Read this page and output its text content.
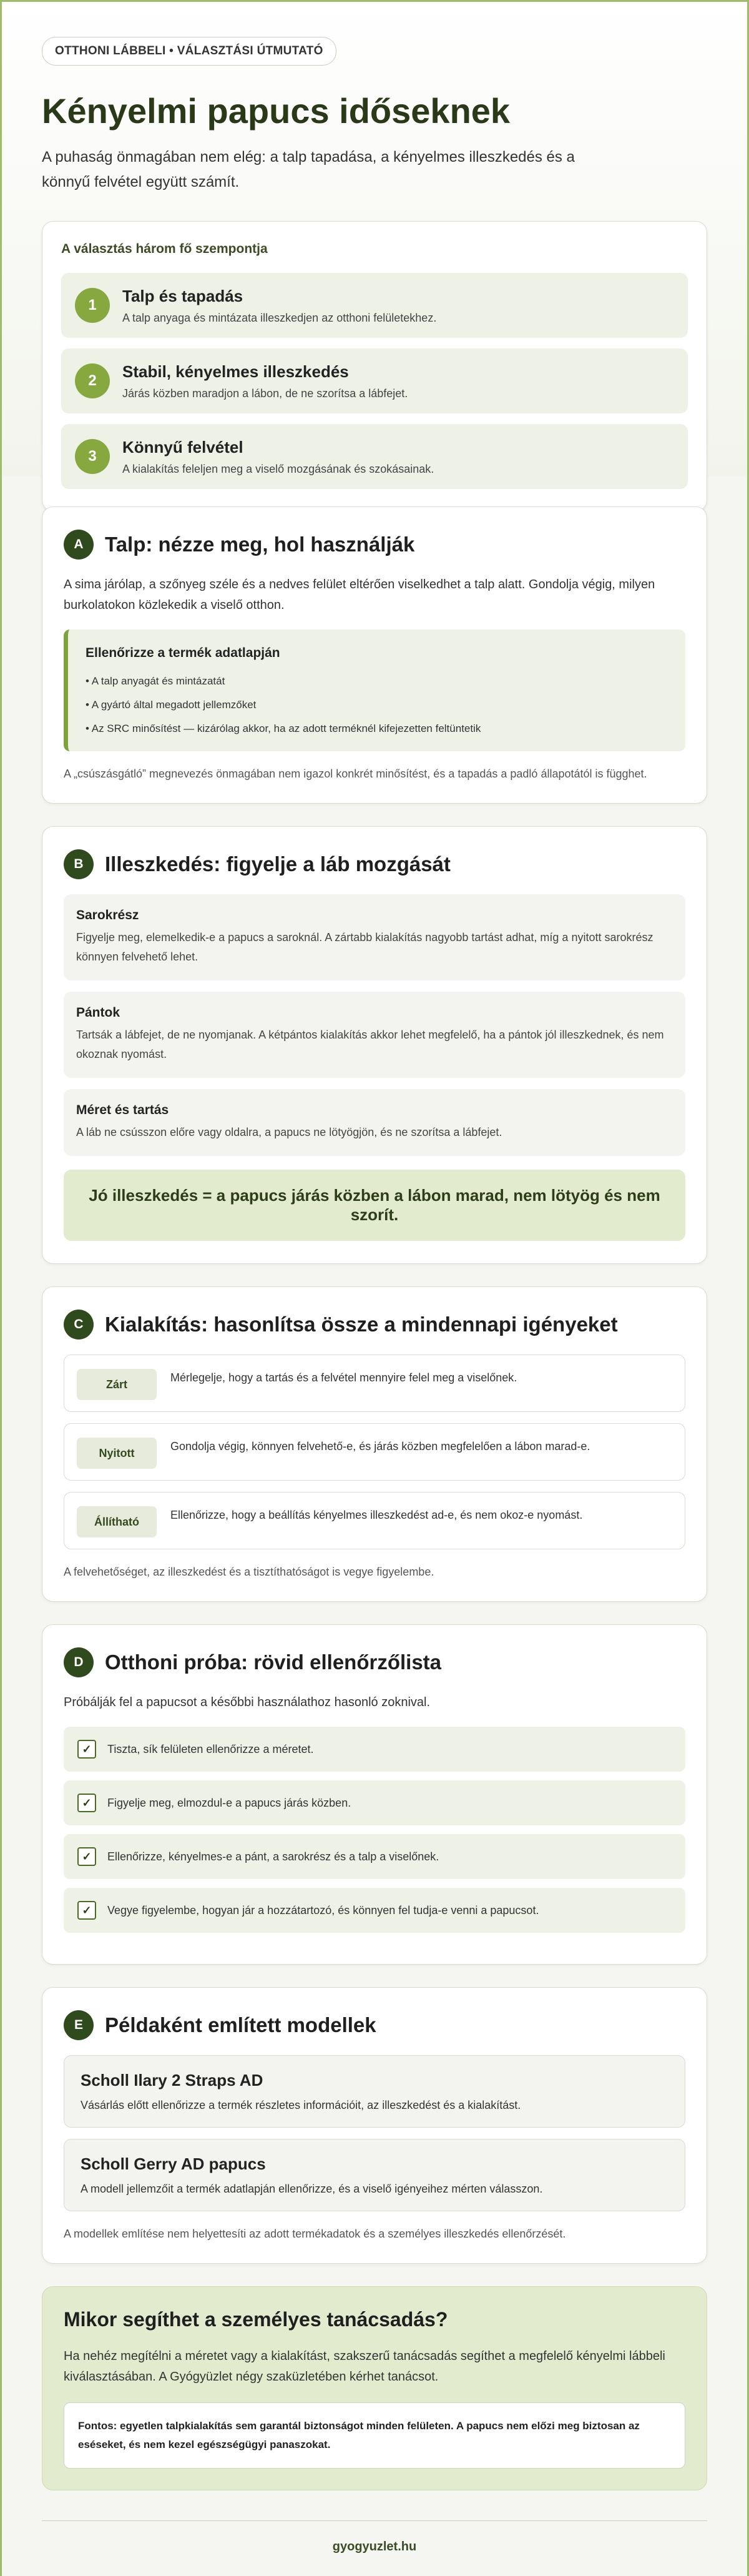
OTTHONI LÁBBELI • VÁLASZTÁSI ÚTMUTATÓ
Kényelmi papucs időseknek

A puhaság önmagában nem elég: a talp tapadása, a kényelmes illeszkedés és a könnyű felvétel együtt számít.

A választás három fő szempontja
1	Talp és tapadás
A talp anyaga és mintázata illeszkedjen az otthoni felületekhez.
2	Stabil, kényelmes illeszkedés
Járás közben maradjon a lábon, de ne szorítsa a lábfejet.
3	Könnyű felvétel
A kialakítás feleljen meg a viselő mozgásának és szokásainak.
A	Talp: nézze meg, hol használják

A sima járólap, a szőnyeg széle és a nedves felület eltérően viselkedhet a talp alatt. Gondolja végig, milyen burkolatokon közlekedik a viselő otthon.

Ellenőrizze a termék adatlapján
• A talp anyagát és mintázatát
• A gyártó által megadott jellemzőket
• Az SRC minősítést — kizárólag akkor, ha az adott terméknél kifejezetten feltüntetik

A „csúszásgátló” megnevezés önmagában nem igazol konkrét minősítést, és a tapadás a padló állapotától is függhet.

B	Illeszkedés: figyelje a láb mozgását
Sarokrész
Figyelje meg, elemelkedik-e a papucs a saroknál. A zártabb kialakítás nagyobb tartást adhat, míg a nyitott sarokrész könnyen felvehető lehet.
Pántok
Tartsák a lábfejet, de ne nyomjanak. A kétpántos kialakítás akkor lehet megfelelő, ha a pántok jól illeszkednek, és nem okoznak nyomást.
Méret és tartás
A láb ne csússzon előre vagy oldalra, a papucs ne lötyögjön, és ne szorítsa a lábfejet.
Jó illeszkedés = a papucs járás közben a lábon marad, nem lötyög és nem szorít.
C	Kialakítás: hasonlítsa össze a mindennapi igényeket
Zárt
Mérlegelje, hogy a tartás és a felvétel mennyire felel meg a viselőnek.
Nyitott
Gondolja végig, könnyen felvehető-e, és járás közben megfelelően a lábon marad-e.
Állítható
Ellenőrizze, hogy a beállítás kényelmes illeszkedést ad-e, és nem okoz-e nyomást.

A felvehetőséget, az illeszkedést és a tisztíthatóságot is vegye figyelembe.

D	Otthoni próba: rövid ellenőrzőlista

Próbálják fel a papucsot a későbbi használathoz hasonló zoknival.

✓	Tiszta, sík felületen ellenőrizze a méretet.
✓	Figyelje meg, elmozdul-e a papucs járás közben.
✓	Ellenőrizze, kényelmes-e a pánt, a sarokrész és a talp a viselőnek.
✓	Vegye figyelembe, hogyan jár a hozzátartozó, és könnyen fel tudja-e venni a papucsot.
E	Példaként említett modellek
Scholl Ilary 2 Straps AD
Vásárlás előtt ellenőrizze a termék részletes információit, az illeszkedést és a kialakítást.
Scholl Gerry AD papucs
A modell jellemzőit a termék adatlapján ellenőrizze, és a viselő igényeihez mérten válasszon.

A modellek említése nem helyettesíti az adott termékadatok és a személyes illeszkedés ellenőrzését.

Mikor segíthet a személyes tanácsadás?

Ha nehéz megítélni a méretet vagy a kialakítást, szakszerű tanácsadás segíthet a megfelelő kényelmi lábbeli kiválasztásában. A Gyógyüzlet négy szaküzletében kérhet tanácsot.

Fontos: egyetlen talpkialakítás sem garantál biztonságot minden felületen. A papucs nem előzi meg biztosan az eséseket, és nem kezel egészségügyi panaszokat.
gyogyuzlet.hu
